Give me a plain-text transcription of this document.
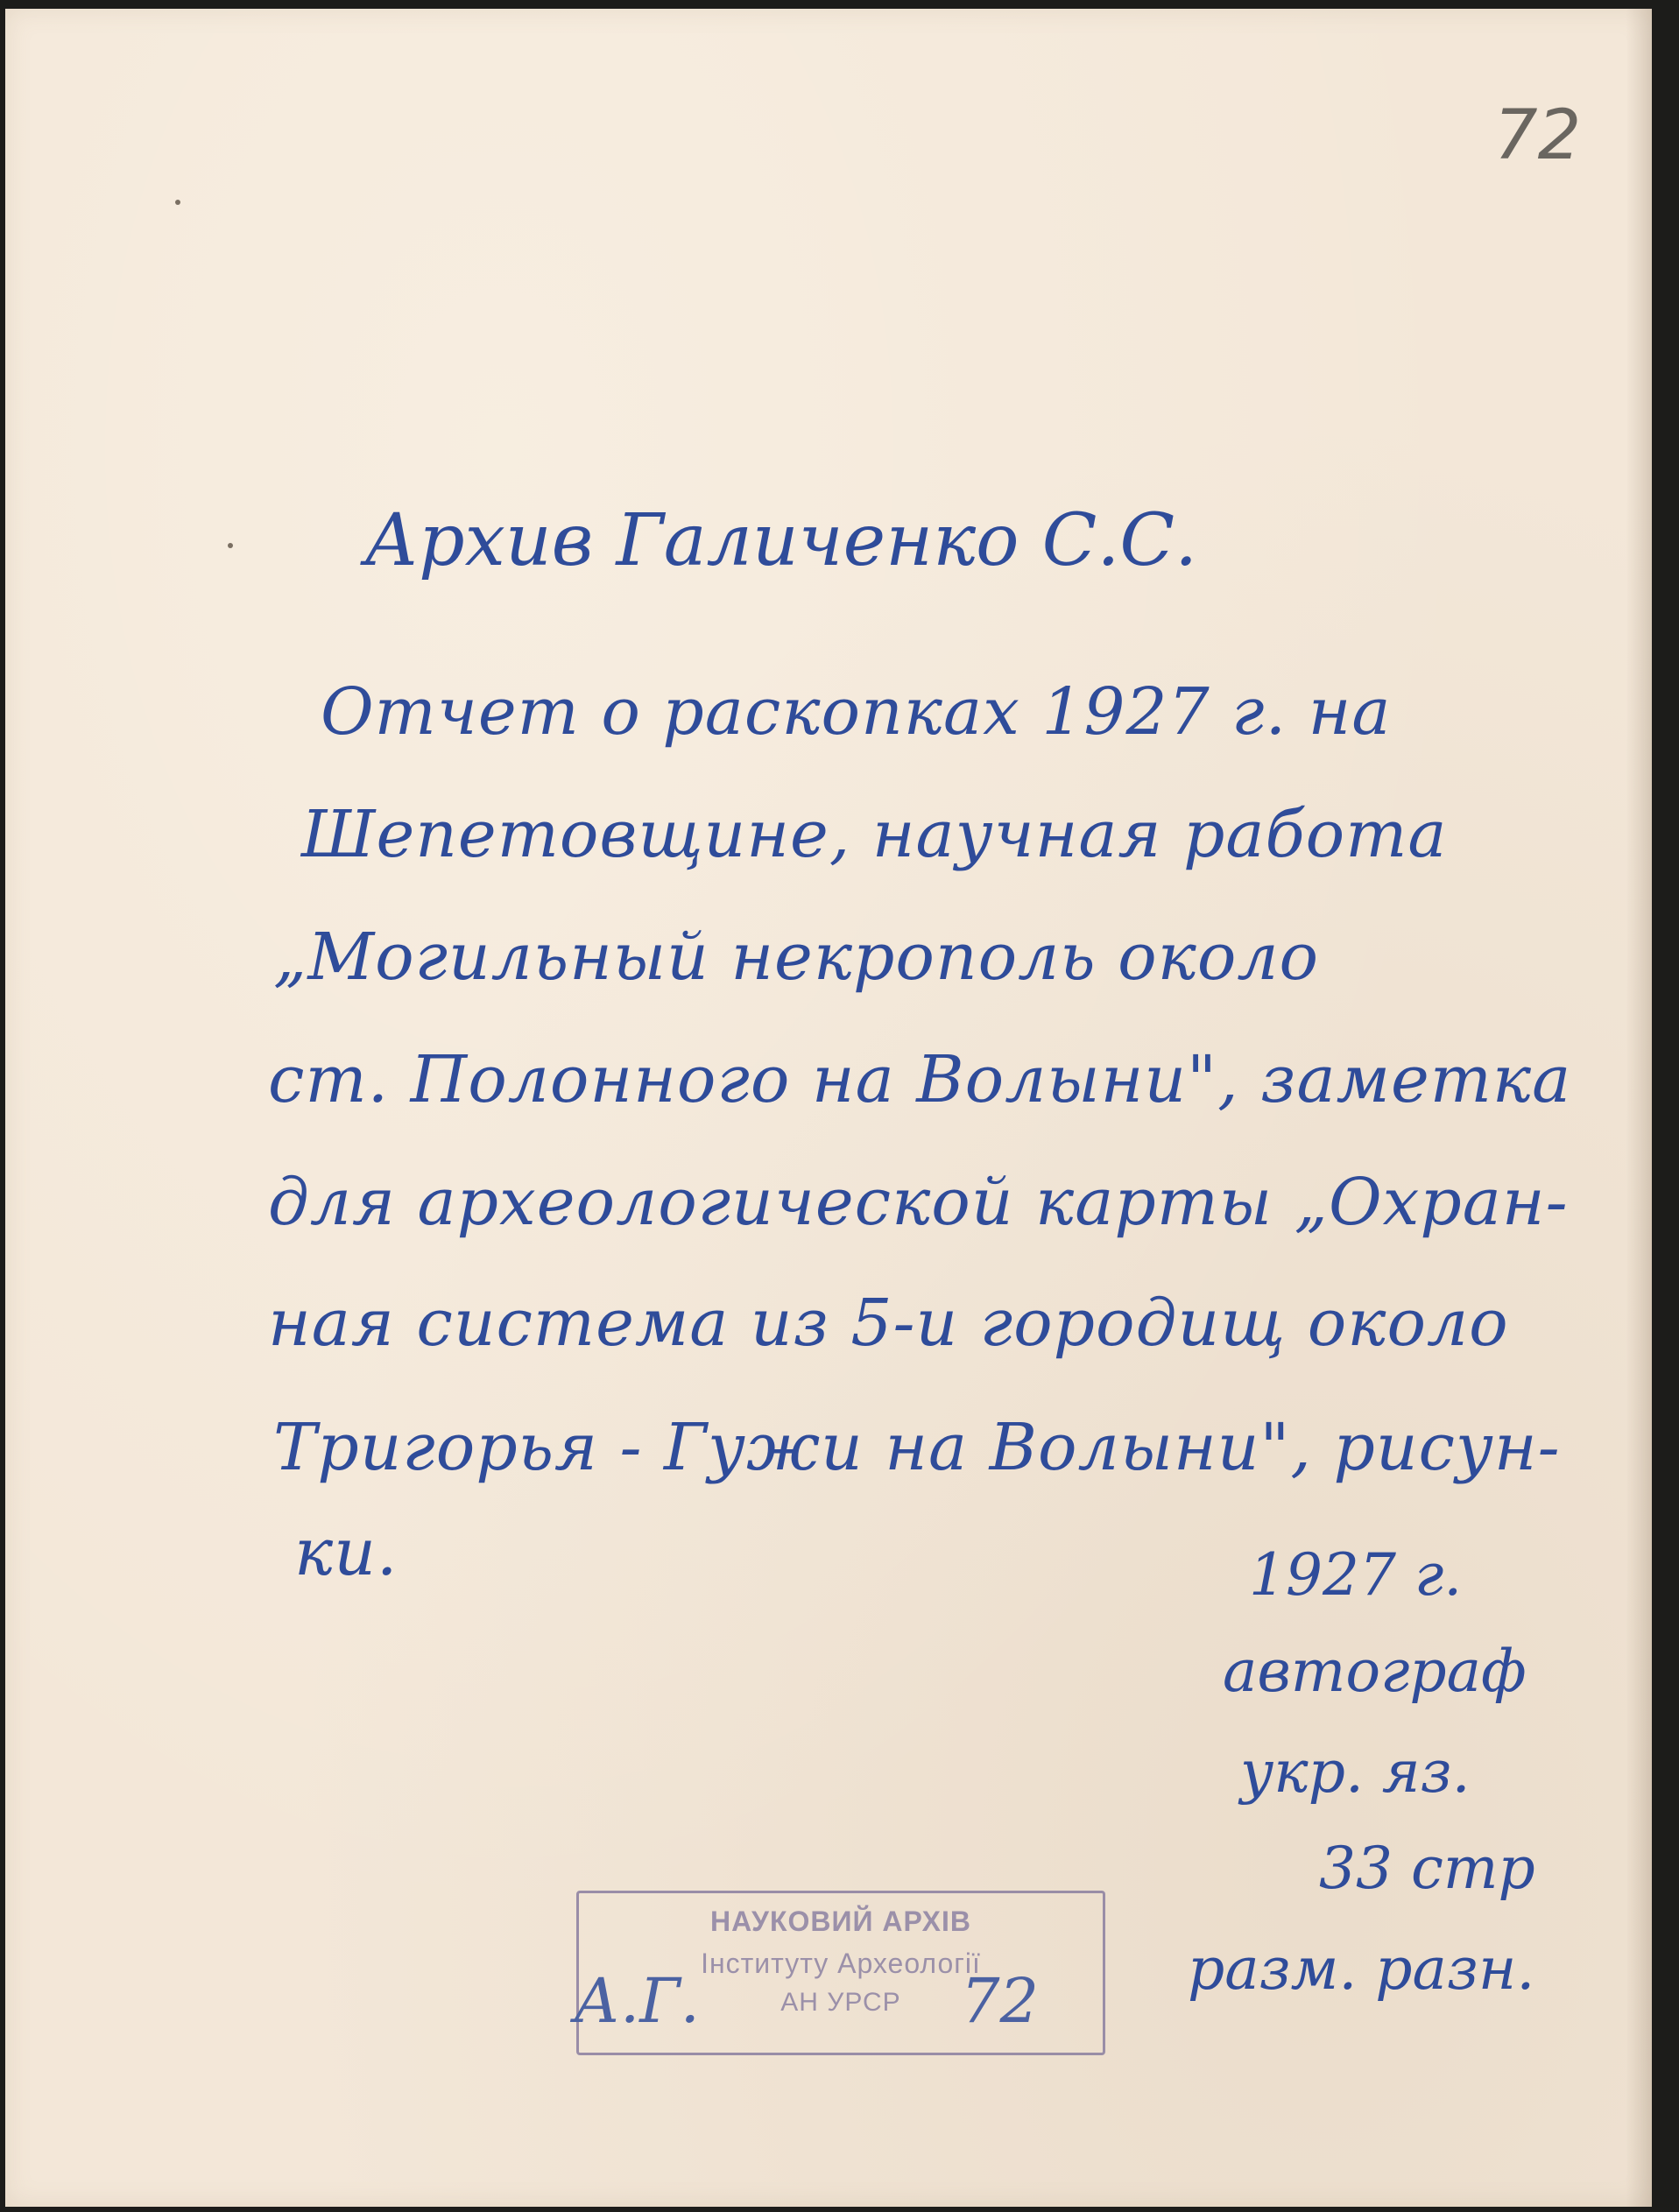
72
Архив Галиченко С.С.
Отчет о раскопках 1927 г. на
Шепетовщине, научная работа
„Могильный некрополь около
ст. Полонного на Волыни", заметка
для археологической карты „Охран-
ная система из 5-и городищ около
Тригорья - Гужи на Волыни", рисун-
ки.	1927 г.
автограф
укр. яз.
33 стр
разм. разн.
НАУКОВИЙ АРХІВ
Інституту Археології
АН УРСР
А.Г.	72
